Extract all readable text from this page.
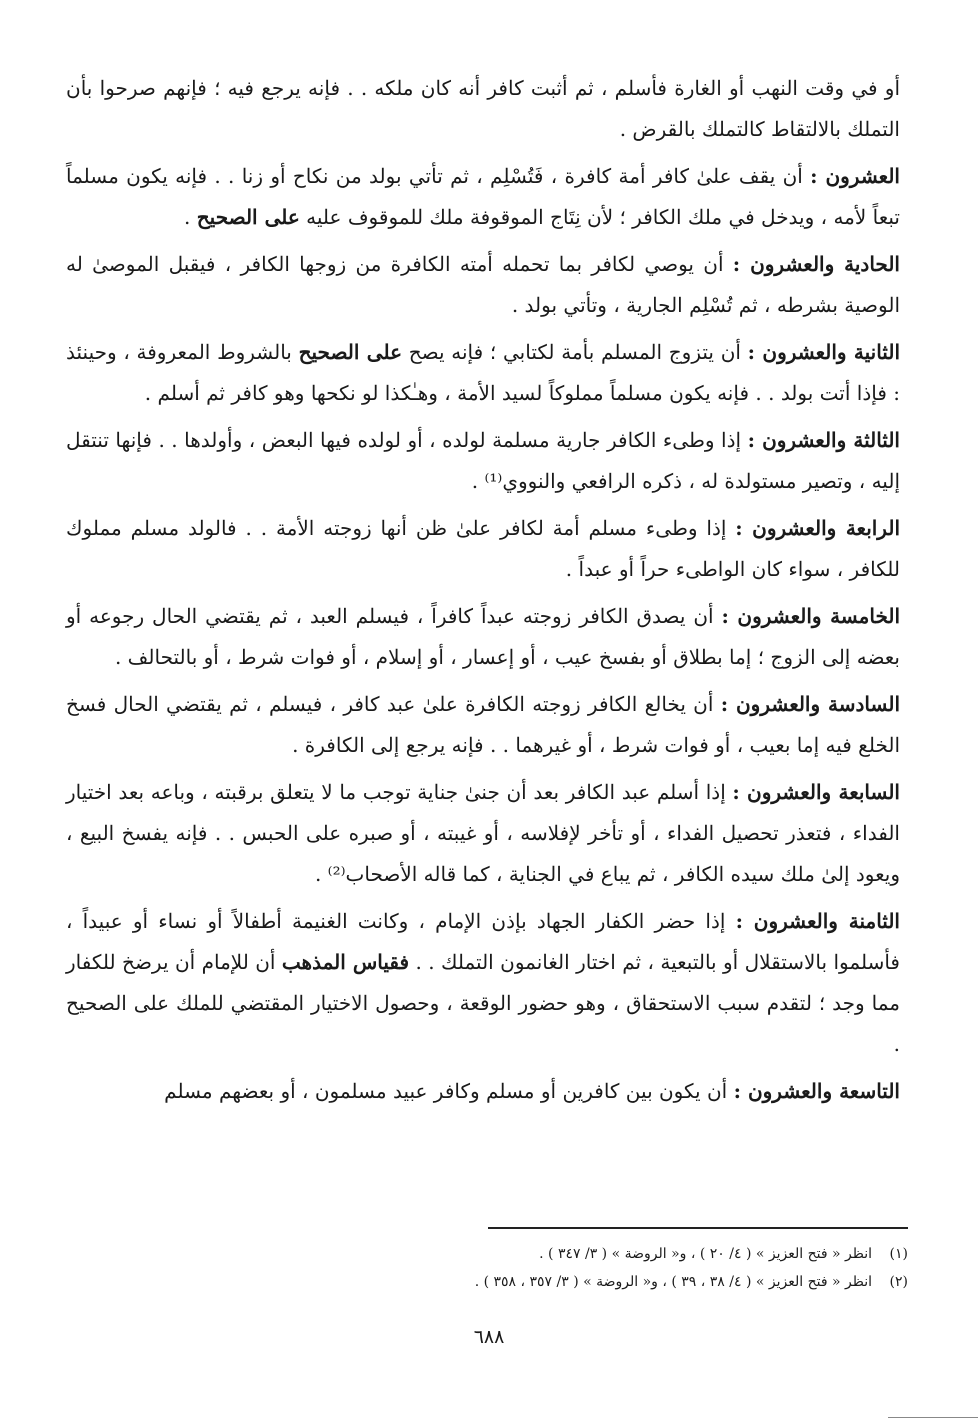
أو في وقت النهب أو الغارة فأسلم ، ثم أثبت كافر أنه كان ملكه . . فإنه يرجع فيه ؛ فإنهم صرحوا بأن التملك بالالتقاط كالتملك بالقرض .

العشرون : أن يقف علىٰ كافر أمة كافرة ، فَتُسْلِم ، ثم تأتي بولد من نكاح أو زنا . . فإنه يكون مسلماً تبعاً لأمه ، ويدخل في ملك الكافر ؛ لأن نِتَاج الموقوفة ملك للموقوف عليه على الصحيح .

الحادية والعشرون : أن يوصي لكافر بما تحمله أمته الكافرة من زوجها الكافر ، فيقبل الموصىٰ له الوصية بشرطه ، ثم تُسْلِم الجارية ، وتأتي بولد .

الثانية والعشرون : أن يتزوج المسلم بأمة لكتابي ؛ فإنه يصح على الصحيح بالشروط المعروفة ، وحينئذ : فإذا أتت بولد . . فإنه يكون مسلماً مملوكاً لسيد الأمة ، وهـٰكذا لو نكحها وهو كافر ثم أسلم .

الثالثة والعشرون : إذا وطىء الكافر جارية مسلمة لولده ، أو لولده فيها البعض ، وأولدها . . فإنها تنتقل إليه ، وتصير مستولدة له ، ذكره الرافعي والنووي⁽¹⁾ .

الرابعة والعشرون : إذا وطىء مسلم أمة لكافر علىٰ ظن أنها زوجته الأمة . . فالولد مسلم مملوك للكافر ، سواء كان الواطىء حراً أو عبداً .

الخامسة والعشرون : أن يصدق الكافر زوجته عبداً كافراً ، فيسلم العبد ، ثم يقتضي الحال رجوعه أو بعضه إلى الزوج ؛ إما بطلاق أو بفسخ عيب ، أو إعسار ، أو إسلام ، أو فوات شرط ، أو بالتحالف .

السادسة والعشرون : أن يخالع الكافر زوجته الكافرة علىٰ عبد كافر ، فيسلم ، ثم يقتضي الحال فسخ الخلع فيه إما بعيب ، أو فوات شرط ، أو غيرهما . . فإنه يرجع إلى الكافرة .

السابعة والعشرون : إذا أسلم عبد الكافر بعد أن جنىٰ جناية توجب ما لا يتعلق برقبته ، وباعه بعد اختيار الفداء ، فتعذر تحصيل الفداء ، أو تأخر لإفلاسه ، أو غيبته ، أو صبره على الحبس . . فإنه يفسخ البيع ، ويعود إلىٰ ملك سيده الكافر ، ثم يباع في الجناية ، كما قاله الأصحاب⁽²⁾ .

الثامنة والعشرون : إذا حضر الكفار الجهاد بإذن الإمام ، وكانت الغنيمة أطفالاً أو نساء أو عبيداً ، فأسلموا بالاستقلال أو بالتبعية ، ثم اختار الغانمون التملك . . فقياس المذهب أن للإمام أن يرضخ للكفار مما وجد ؛ لتقدم سبب الاستحقاق ، وهو حضور الوقعة ، وحصول الاختيار المقتضي للملك على الصحيح .

التاسعة والعشرون : أن يكون بين كافرين أو مسلم وكافر عبيد مسلمون ، أو بعضهم مسلم

(١)
انظر « فتح العزيز » ( ٤/ ٢٠ ) ، و« الروضة » ( ٣/ ٣٤٧ ) .
(٢)
انظر « فتح العزيز » ( ٤/ ٣٨ ، ٣٩ ) ، و« الروضة » ( ٣/ ٣٥٧ ، ٣٥٨ ) .
٦٨٨
